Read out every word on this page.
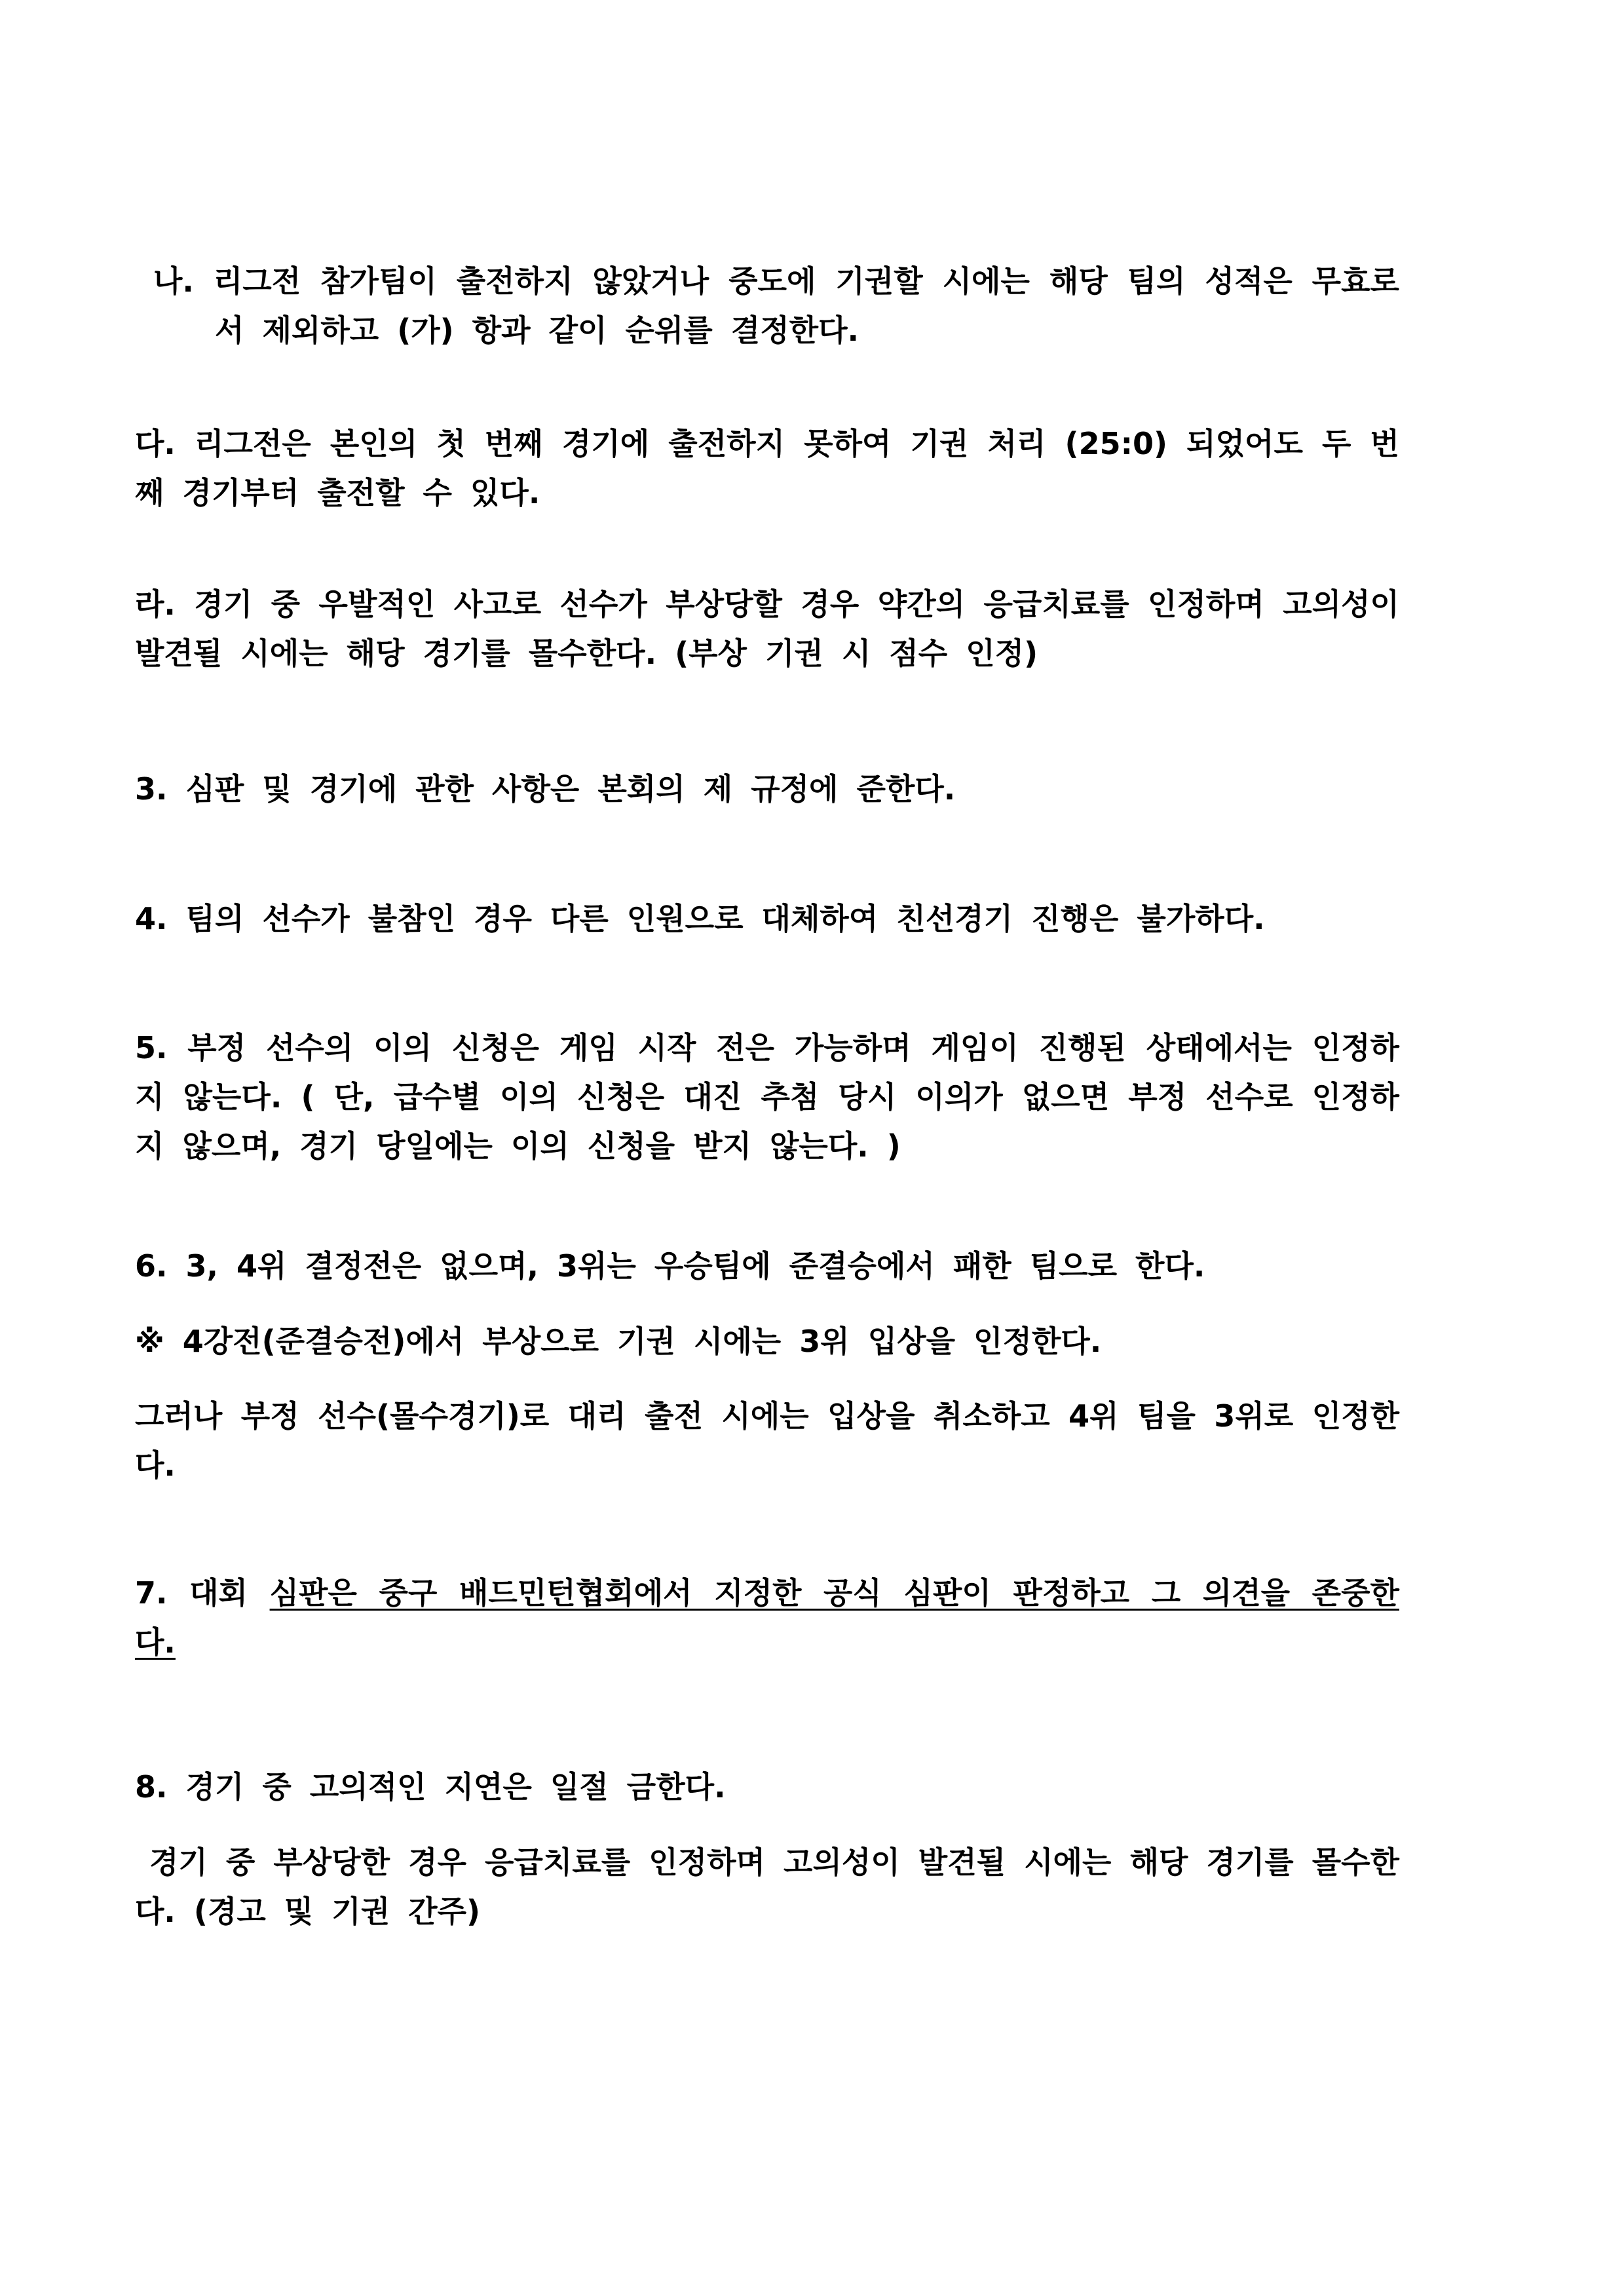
나. 리그전 참가팀이 출전하지 않았거나 중도에 기권할 시에는 해당 팀의 성적은 무효로서 제외하고 (가) 항과 같이 순위를 결정한다.

다. 리그전은 본인의 첫 번째 경기에 출전하지 못하여 기권 처리 (25:0) 되었어도 두 번째 경기부터 출전할 수 있다.

라. 경기 중 우발적인 사고로 선수가 부상당할 경우 약간의 응급치료를 인정하며 고의성이 발견될 시에는 해당 경기를 몰수한다. (부상 기권 시 점수 인정)

3. 심판 및 경기에 관한 사항은 본회의 제 규정에 준한다.

4. 팀의 선수가 불참인 경우 다른 인원으로 대체하여 친선경기 진행은 불가하다.

5. 부정 선수의 이의 신청은 게임 시작 전은 가능하며 게임이 진행된 상태에서는 인정하지 않는다. ( 단, 급수별 이의 신청은 대진 추첨 당시 이의가 없으면 부정 선수로 인정하지 않으며, 경기 당일에는 이의 신청을 받지 않는다. )

6. 3, 4위 결정전은 없으며, 3위는 우승팀에 준결승에서 패한 팀으로 한다.

※ 4강전(준결승전)에서 부상으로 기권 시에는 3위 입상을 인정한다.

그러나 부정 선수(몰수경기)로 대리 출전 시에는 입상을 취소하고 4위 팀을 3위로 인정한다.

7. 대회 심판은 중구 배드민턴협회에서 지정한 공식 심판이 판정하고 그 의견을 존중한다.

8. 경기 중 고의적인 지연은 일절 금한다.

경기 중 부상당한 경우 응급치료를 인정하며 고의성이 발견될 시에는 해당 경기를 몰수한다. (경고 및 기권 간주)
